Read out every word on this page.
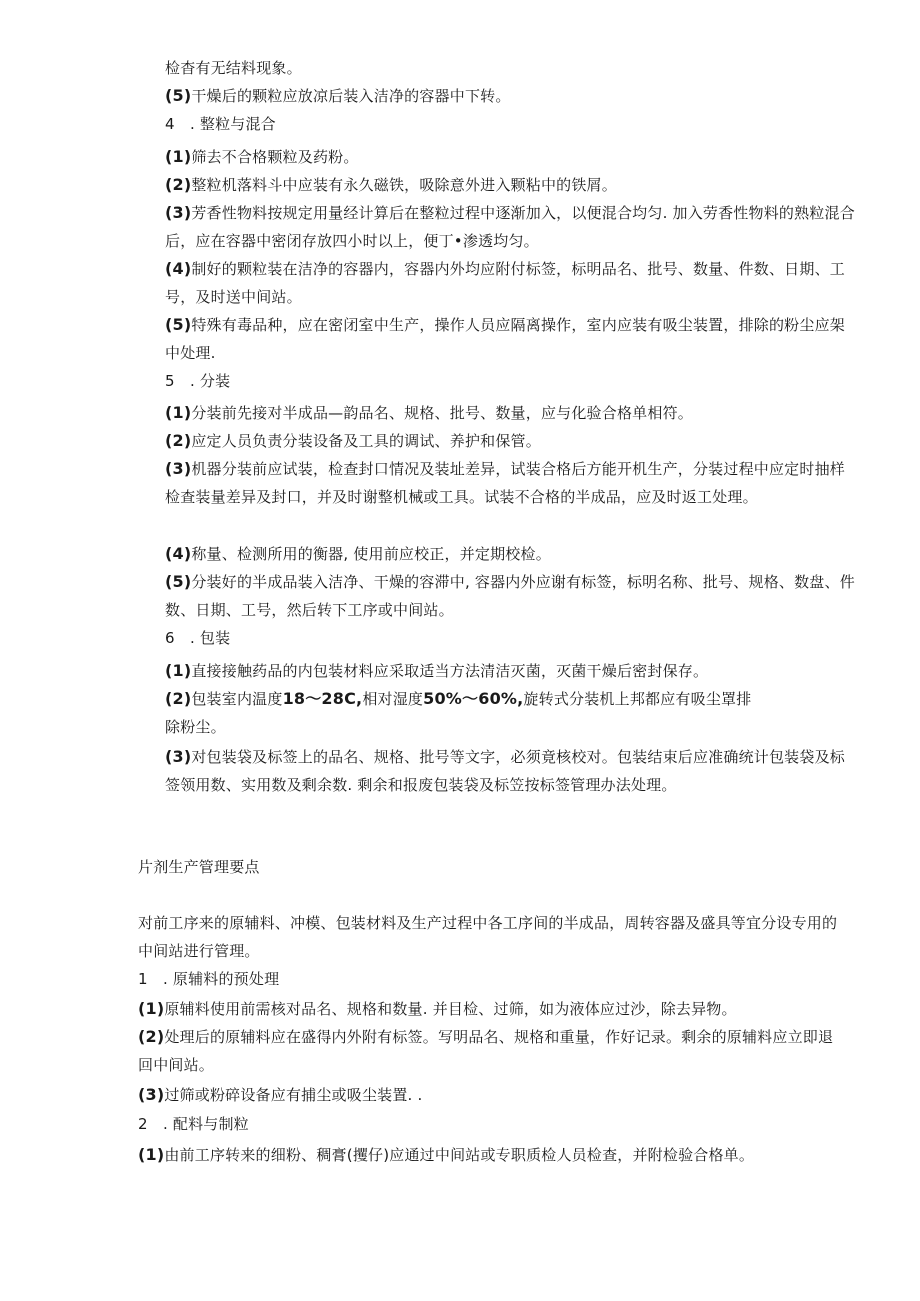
检杳有无结料现象。

(5)干燥后的颗粒应放凉后装入洁净的容器中下转。

4　. 整粒与混合

(1)筛去不合格颗粒及药粉。

(2)整粒机落料斗中应装有永久磁铁，吸除意外进入颗粘中的铁屑。

(3)芳香性物料按规定用量经计算后在整粒过程中逐渐加入，以便混合均匀. 加入劳香性物料的熟粒混合后，应在容器中密闭存放四小时以上，便丁•渗透均匀。

(4)制好的颗粒装在洁净的容器内，容器内外均应附付标签，标明品名、批号、数量、件数、日期、工号，及时送中间站。

(5)特殊有毒品种，应在密闭室中生产，操作人员应隔离操作，室内应装有吸尘装置，排除的粉尘应架中处理.

5　. 分装

(1)分装前先接对半成品—韵品名、规格、批号、数量，应与化验合格单相符。

(2)应定人员负责分装设备及工具的调试、养护和保管。

(3)机器分装前应试装，检查封口情况及装址差异，试装合格后方能开机生产，分装过程中应定时抽样检查装量差异及封口，并及时谢整机械或工具。试装不合格的半成品，应及时返工处理。

(4)称量、检测所用的衡器, 使用前应校正，并定期校检。

(5)分装好的半成品装入洁净、干燥的容滞中, 容器内外应谢有标签，标明名称、批号、规格、数盘、件数、日期、工号，然后转下工序或中间站。

6　. 包装

(1)直接接触药品的内包装材料应采取适当方法清洁灭菌，灭菌干燥后密封保存。

(2)包装室内温度18～28C,相对湿度50%～60%,旋转式分装机上邦都应有吸尘罩排
除粉尘。

(3)对包装袋及标签上的品名、规格、批号等文字，必须竟核校对。包装结束后应准确统计包装袋及标签领用数、实用数及剩余数. 剩余和报废包装袋及标笠按标签管理办法处理。

片剂生产管理要点

对前工序来的原辅料、冲模、包装材料及生产过程中各工序间的半成品，周转容器及盛具等宜分设专用的中间站进行管理。

1　. 原辅料的预处理

(1)原辅料使用前需核对品名、规格和数量. 并目检、过筛，如为液体应过沙，除去异物。

(2)处理后的原辅料应在盛得内外附有标签。写明品名、规格和重量，作好记录。剩余的原辅料应立即退回中间站。

(3)过筛或粉碎设备应有捕尘或吸尘装置. .

2　. 配料与制粒

(1)由前工序转来的细粉、稠膏(攫仔)应通过中间站或专职质检人员检查，并附检验合格单。
